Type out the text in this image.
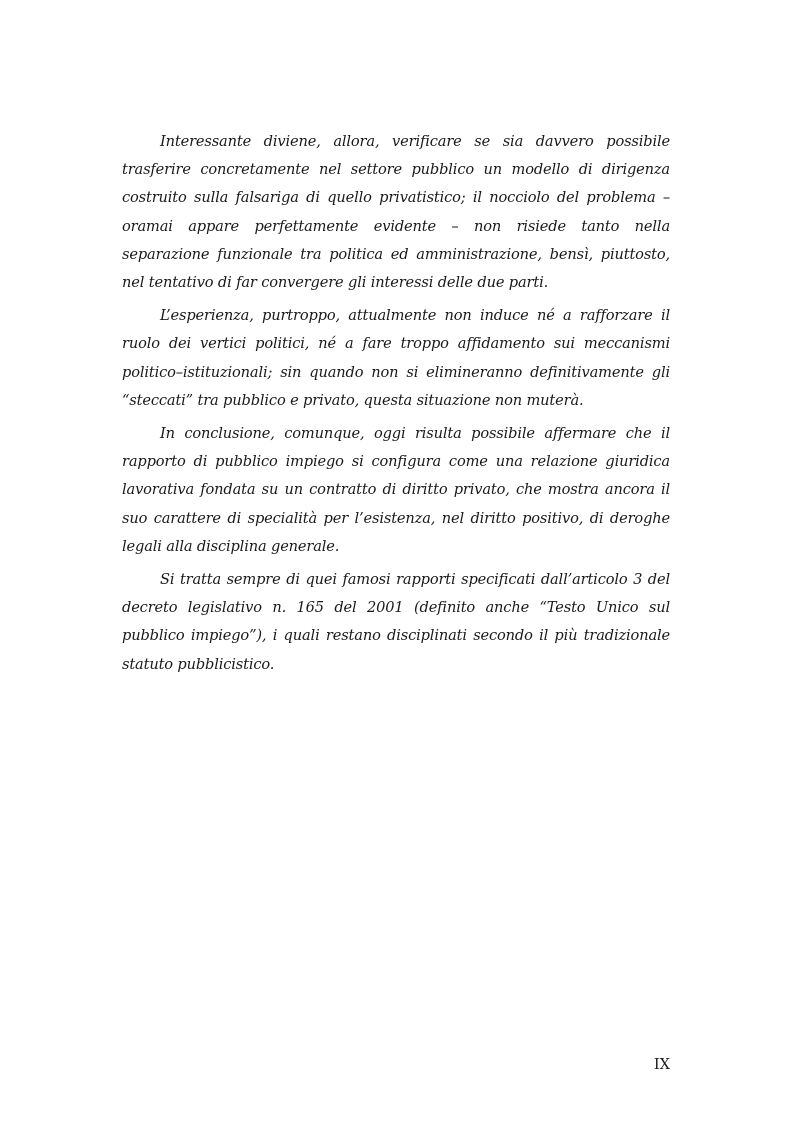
Interessante diviene, allora, verificare se sia davvero possibile trasferire concretamente nel settore pubblico un modello di dirigenza costruito sulla falsariga di quello privatistico; il nocciolo del problema – oramai appare perfettamente evidente – non risiede tanto nella separazione funzionale tra politica ed amministrazione, bensì, piuttosto, nel tentativo di far convergere gli interessi delle due parti.

L’esperienza, purtroppo, attualmente non induce né a rafforzare il ruolo dei vertici politici, né a fare troppo affidamento sui meccanismi politico–istituzionali; sin quando non si elimineranno definitivamente gli “steccati” tra pubblico e privato, questa situazione non muterà.

In conclusione, comunque, oggi risulta possibile affermare che il rapporto di pubblico impiego si configura come una relazione giuridica lavorativa fondata su un contratto di diritto privato, che mostra ancora il suo carattere di specialità per l’esistenza, nel diritto positivo, di deroghe legali alla disciplina generale.

Si tratta sempre di quei famosi rapporti specificati dall’articolo 3 del decreto legislativo n. 165 del 2001 (definito anche “Testo Unico sul pubblico impiego”), i quali restano disciplinati secondo il più tradizionale statuto pubblicistico.

IX
